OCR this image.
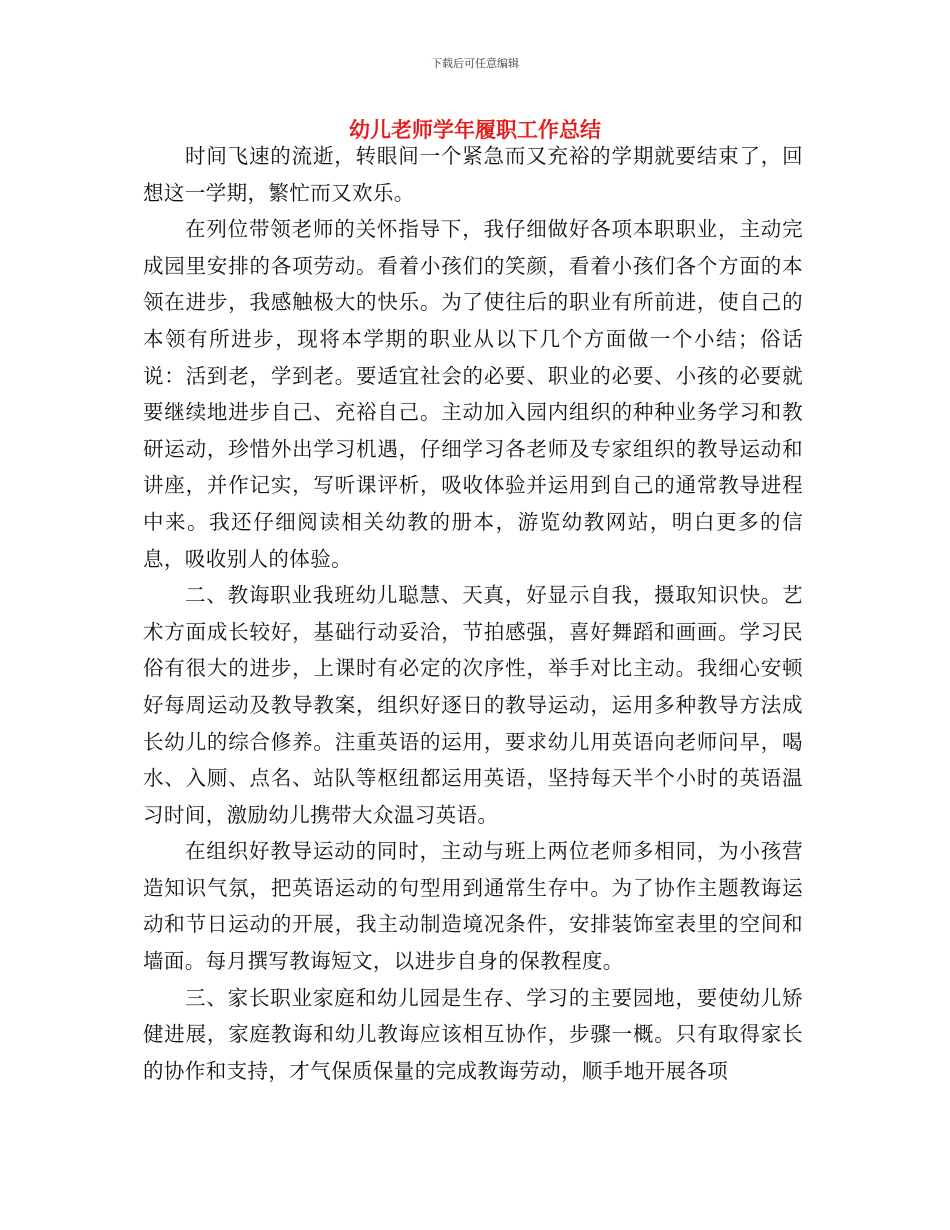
下载后可任意编辑
幼儿老师学年履职工作总结

时间飞速的流逝，转眼间一个紧急而又充裕的学期就要结束了，回想这一学期，繁忙而又欢乐。

在列位带领老师的关怀指导下，我仔细做好各项本职职业，主动完成园里安排的各项劳动。看着小孩们的笑颜，看着小孩们各个方面的本领在进步，我感触极大的快乐。为了使往后的职业有所前进，使自己的本领有所进步，现将本学期的职业从以下几个方面做一个小结；俗话说：活到老，学到老。要适宜社会的必要、职业的必要、小孩的必要就要继续地进步自己、充裕自己。主动加入园内组织的种种业务学习和教研运动，珍惜外出学习机遇，仔细学习各老师及专家组织的教导运动和讲座，并作记实，写听课评析，吸收体验并运用到自己的通常教导进程中来。我还仔细阅读相关幼教的册本，游览幼教网站，明白更多的信息，吸收别人的体验。

二、教诲职业我班幼儿聪慧、天真，好显示自我，摄取知识快。艺术方面成长较好，基础行动妥洽，节拍感强，喜好舞蹈和画画。学习民俗有很大的进步，上课时有必定的次序性，举手对比主动。我细心安顿好每周运动及教导教案，组织好逐日的教导运动，运用多种教导方法成长幼儿的综合修养。注重英语的运用，要求幼儿用英语向老师问早，喝水、入厕、点名、站队等枢纽都运用英语，坚持每天半个小时的英语温习时间，激励幼儿携带大众温习英语。

在组织好教导运动的同时，主动与班上两位老师多相同，为小孩营造知识气氛，把英语运动的句型用到通常生存中。为了协作主题教诲运动和节日运动的开展，我主动制造境况条件，安排装饰室表里的空间和墙面。每月撰写教诲短文，以进步自身的保教程度。

三、家长职业家庭和幼儿园是生存、学习的主要园地，要使幼儿矫健进展，家庭教诲和幼儿教诲应该相互协作，步骤一概。只有取得家长的协作和支持，才气保质保量的完成教诲劳动，顺手地开展各项
